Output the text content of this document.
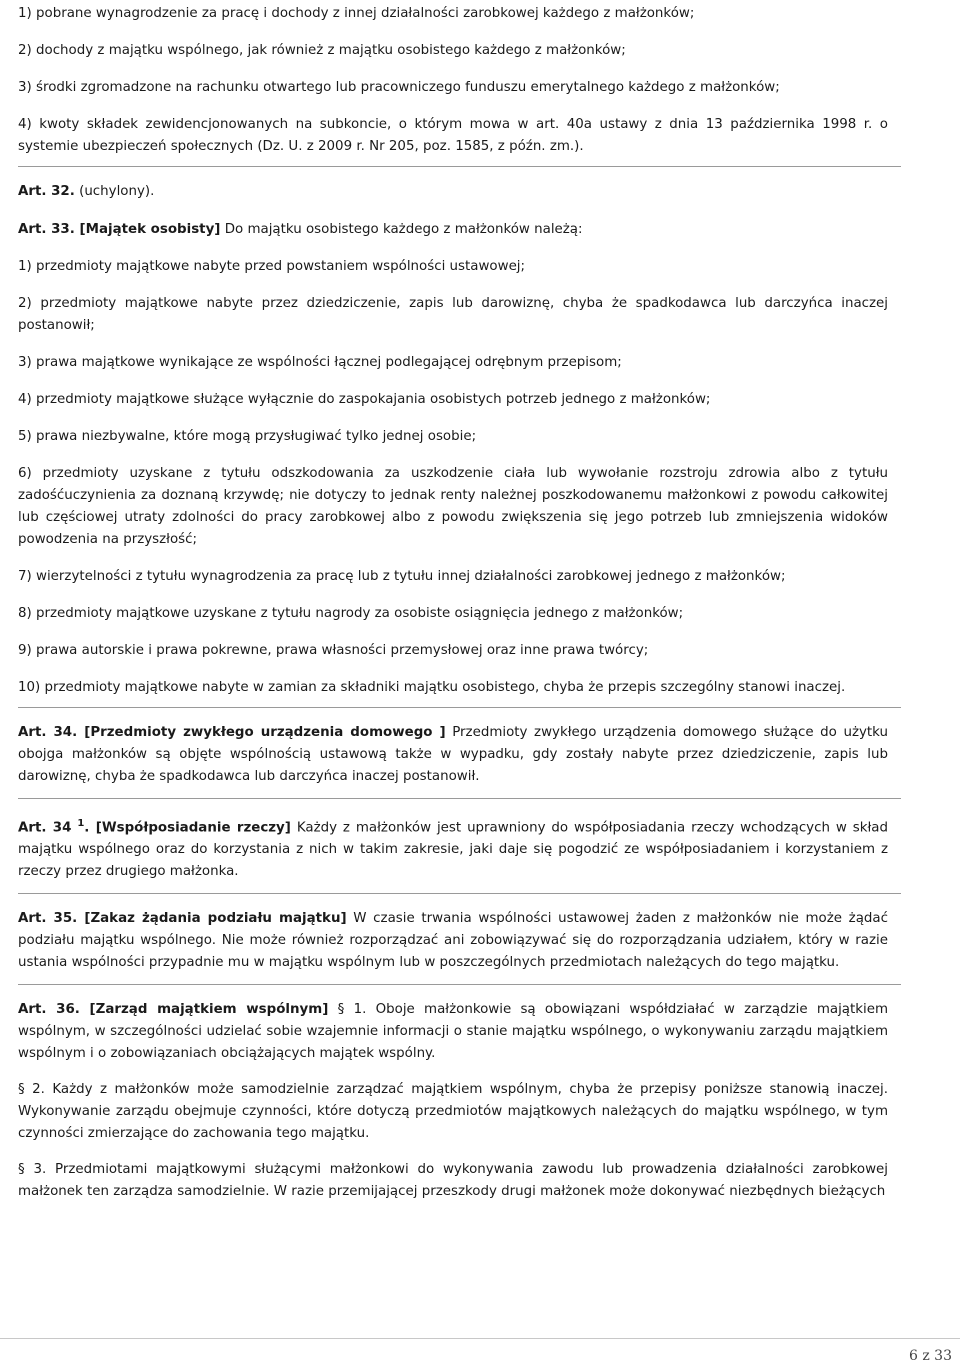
1) pobrane wynagrodzenie za pracę i dochody z innej działalności zarobkowej każdego z małżonków;

2) dochody z majątku wspólnego, jak również z majątku osobistego każdego z małżonków;

3) środki zgromadzone na rachunku otwartego lub pracowniczego funduszu emerytalnego każdego z małżonków;

4) kwoty składek zewidencjonowanych na subkoncie, o którym mowa w art. 40a ustawy z dnia 13 października 1998 r. o systemie ubezpieczeń społecznych (Dz. U. z 2009 r. Nr 205, poz. 1585, z późn. zm.).

Art. 32. (uchylony).

Art. 33. [Majątek osobisty] Do majątku osobistego każdego z małżonków należą:

1) przedmioty majątkowe nabyte przed powstaniem wspólności ustawowej;

2) przedmioty majątkowe nabyte przez dziedziczenie, zapis lub darowiznę, chyba że spadkodawca lub darczyńca inaczej postanowił;

3) prawa majątkowe wynikające ze wspólności łącznej podlegającej odrębnym przepisom;

4) przedmioty majątkowe służące wyłącznie do zaspokajania osobistych potrzeb jednego z małżonków;

5) prawa niezbywalne, które mogą przysługiwać tylko jednej osobie;

6) przedmioty uzyskane z tytułu odszkodowania za uszkodzenie ciała lub wywołanie rozstroju zdrowia albo z tytułu zadośćuczynienia za doznaną krzywdę; nie dotyczy to jednak renty należnej poszkodowanemu małżonkowi z powodu całkowitej lub częściowej utraty zdolności do pracy zarobkowej albo z powodu zwiększenia się jego potrzeb lub zmniejszenia widoków powodzenia na przyszłość;

7) wierzytelności z tytułu wynagrodzenia za pracę lub z tytułu innej działalności zarobkowej jednego z małżonków;

8) przedmioty majątkowe uzyskane z tytułu nagrody za osobiste osiągnięcia jednego z małżonków;

9) prawa autorskie i prawa pokrewne, prawa własności przemysłowej oraz inne prawa twórcy;

10) przedmioty majątkowe nabyte w zamian za składniki majątku osobistego, chyba że przepis szczególny stanowi inaczej.

Art. 34. [Przedmioty zwykłego urządzenia domowego ] Przedmioty zwykłego urządzenia domowego służące do użytku obojga małżonków są objęte wspólnością ustawową także w wypadku, gdy zostały nabyte przez dziedziczenie, zapis lub darowiznę, chyba że spadkodawca lub darczyńca inaczej postanowił.

Art. 34 $^1$. [Współposiadanie rzeczy] Każdy z małżonków jest uprawniony do współposiadania rzeczy wchodzących w skład majątku wspólnego oraz do korzystania z nich w takim zakresie, jaki daje się pogodzić ze współposiadaniem i korzystaniem z rzeczy przez drugiego małżonka.

Art. 35. [Zakaz żądania podziału majątku] W czasie trwania wspólności ustawowej żaden z małżonków nie może żądać podziału majątku wspólnego. Nie może również rozporządzać ani zobowiązywać się do rozporządzania udziałem, który w razie ustania wspólności przypadnie mu w majątku wspólnym lub w poszczególnych przedmiotach należących do tego majątku.

Art. 36. [Zarząd majątkiem wspólnym] § 1. Oboje małżonkowie są obowiązani współdziałać w zarządzie majątkiem wspólnym, w szczególności udzielać sobie wzajemnie informacji o stanie majątku wspólnego, o wykonywaniu zarządu majątkiem wspólnym i o zobowiązaniach obciążających majątek wspólny.

§ 2. Każdy z małżonków może samodzielnie zarządzać majątkiem wspólnym, chyba że przepisy poniższe stanowią inaczej. Wykonywanie zarządu obejmuje czynności, które dotyczą przedmiotów majątkowych należących do majątku wspólnego, w tym czynności zmierzające do zachowania tego majątku.

§ 3. Przedmiotami majątkowymi służącymi małżonkowi do wykonywania zawodu lub prowadzenia działalności zarobkowej małżonek ten zarządza samodzielnie. W razie przemijającej przeszkody drugi małżonek może dokonywać niezbędnych bieżących

6 z 33
